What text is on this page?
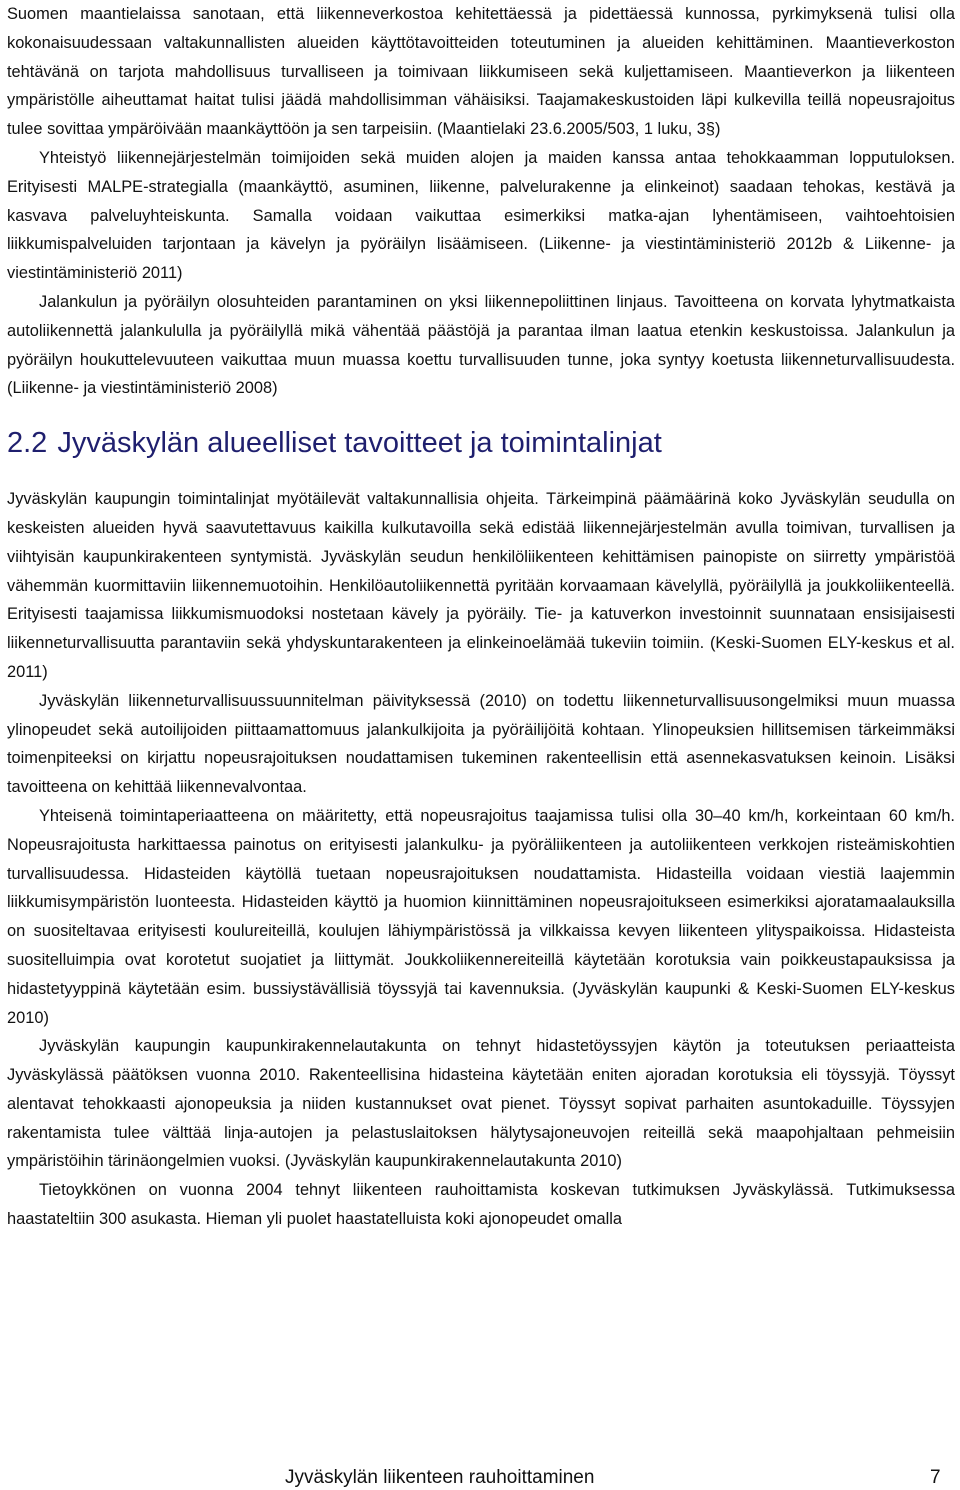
Suomen maantielaissa sanotaan, että liikenneverkostoa kehitettäessä ja pidettäessä kunnossa, pyrkimyksenä tulisi olla kokonaisuudessaan valtakunnallisten alueiden käyttötavoitteiden toteutuminen ja alueiden kehittäminen. Maantieverkoston tehtävänä on tarjota mahdollisuus turvalliseen ja toimivaan liikkumiseen sekä kuljettamiseen. Maantieverkon ja liikenteen ympäristölle aiheuttamat haitat tulisi jäädä mahdollisimman vähäisiksi. Taajamakeskustoiden läpi kulkevilla teillä nopeusrajoitus tulee sovittaa ympäröivään maankäyttöön ja sen tarpeisiin. (Maantielaki 23.6.2005/503, 1 luku, 3§)

Yhteistyö liikennejärjestelmän toimijoiden sekä muiden alojen ja maiden kanssa antaa tehokkaamman lopputuloksen. Erityisesti MALPE-strategialla (maankäyttö, asuminen, liikenne, palvelurakenne ja elinkeinot) saadaan tehokas, kestävä ja kasvava palveluyhteiskunta. Samalla voidaan vaikuttaa esimerkiksi matka-ajan lyhentämiseen, vaihtoehtoisien liikkumispalveluiden tarjontaan ja kävelyn ja pyöräilyn lisäämiseen. (Liikenne- ja viestintäministeriö 2012b & Liikenne- ja viestintäministeriö 2011)

Jalankulun ja pyöräilyn olosuhteiden parantaminen on yksi liikennepoliittinen linjaus. Tavoitteena on korvata lyhytmatkaista autoliikennettä jalankululla ja pyöräilyllä mikä vähentää päästöjä ja parantaa ilman laatua etenkin keskustoissa. Jalankulun ja pyöräilyn houkuttelevuuteen vaikuttaa muun muassa koettu turvallisuuden tunne, joka syntyy koetusta liikenneturvallisuudesta. (Liikenne- ja viestintäministeriö 2008)

2.2 Jyväskylän alueelliset tavoitteet ja toimintalinjat

Jyväskylän kaupungin toimintalinjat myötäilevät valtakunnallisia ohjeita. Tärkeimpinä päämäärinä koko Jyväskylän seudulla on keskeisten alueiden hyvä saavutettavuus kaikilla kulkutavoilla sekä edistää liikennejärjestelmän avulla toimivan, turvallisen ja viihtyisän kaupunkirakenteen syntymistä. Jyväskylän seudun henkilöliikenteen kehittämisen painopiste on siirretty ympäristöä vähemmän kuormittaviin liikennemuotoihin. Henkilöautoliikennettä pyritään korvaamaan kävelyllä, pyöräilyllä ja joukkoliikenteellä. Erityisesti taajamissa liikkumismuodoksi nostetaan kävely ja pyöräily. Tie- ja katuverkon investoinnit suunnataan ensisijaisesti liikenneturvallisuutta parantaviin sekä yhdyskuntarakenteen ja elinkeinoelämää tukeviin toimiin. (Keski-Suomen ELY-keskus et al. 2011)

Jyväskylän liikenneturvallisuussuunnitelman päivityksessä (2010) on todettu liikenneturvallisuusongelmiksi muun muassa ylinopeudet sekä autoilijoiden piittaamattomuus jalankulkijoita ja pyöräilijöitä kohtaan. Ylinopeuksien hillitsemisen tärkeimmäksi toimenpiteeksi on kirjattu nopeusrajoituksen noudattamisen tukeminen rakenteellisin että asennekasvatuksen keinoin. Lisäksi tavoitteena on kehittää liikennevalvontaa.

Yhteisenä toimintaperiaatteena on määritetty, että nopeusrajoitus taajamissa tulisi olla 30–40 km/h, korkeintaan 60 km/h. Nopeusrajoitusta harkittaessa painotus on erityisesti jalankulku- ja pyöräliikenteen ja autoliikenteen verkkojen risteämiskohtien turvallisuudessa. Hidasteiden käytöllä tuetaan nopeusrajoituksen noudattamista. Hidasteilla voidaan viestiä laajemmin liikkumisympäristön luonteesta. Hidasteiden käyttö ja huomion kiinnittäminen nopeusrajoitukseen esimerkiksi ajoratamaalauksilla on suositeltavaa erityisesti koulureiteillä, koulujen lähiympäristössä ja vilkkaissa kevyen liikenteen ylityspaikoissa. Hidasteista suositelluimpia ovat korotetut suojatiet ja liittymät. Joukkoliikennereiteillä käytetään korotuksia vain poikkeustapauksissa ja hidastetyyppinä käytetään esim. bussiystävällisiä töyssyjä tai kavennuksia. (Jyväskylän kaupunki & Keski-Suomen ELY-keskus 2010)

Jyväskylän kaupungin kaupunkirakennelautakunta on tehnyt hidastetöyssyjen käytön ja toteutuksen periaatteista Jyväskylässä päätöksen vuonna 2010. Rakenteellisina hidasteina käytetään eniten ajoradan korotuksia eli töyssyjä. Töyssyt alentavat tehokkaasti ajonopeuksia ja niiden kustannukset ovat pienet. Töyssyt sopivat parhaiten asuntokaduille. Töyssyjen rakentamista tulee välttää linja-autojen ja pelastuslaitoksen hälytysajoneuvojen reiteillä sekä maapohjaltaan pehmeisiin ympäristöihin tärinäongelmien vuoksi. (Jyväskylän kaupunkirakennelautakunta 2010)

Tietoykkönen on vuonna 2004 tehnyt liikenteen rauhoittamista koskevan tutkimuksen Jyväskylässä. Tutkimuksessa haastateltiin 300 asukasta. Hieman yli puolet haastatelluista koki ajonopeudet omalla

Jyväskylän liikenteen rauhoittaminen	7
